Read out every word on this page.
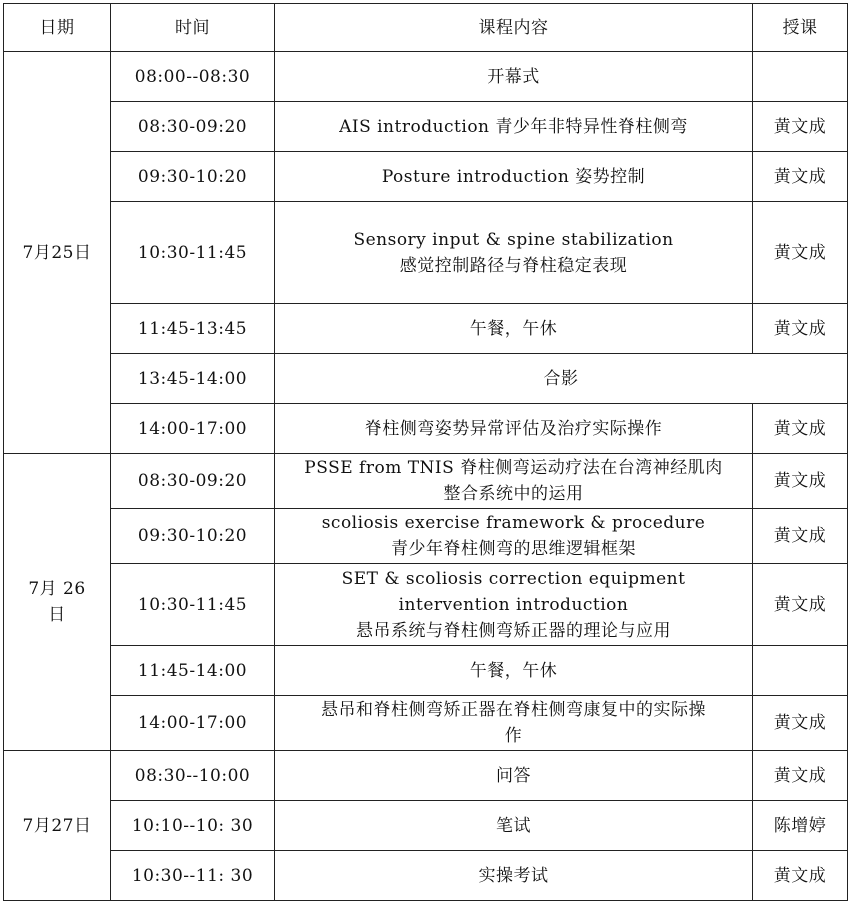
日期	时间	课程内容	授课
7月25日	08:00--08:30	开幕式	

	08:30-09:20	AIS introduction 青少年非特异性脊柱侧弯	黄文成
	09:30-10:20	Posture introduction 姿势控制	黄文成
	10:30-11:45	Sensory input & spine stabilization
感觉控制路径与脊柱稳定表现	黄文成
	11:45-13:45	午餐，午休	黄文成
	13:45-14:00	合影	

	14:00-17:00	脊柱侧弯姿势异常评估及治疗实际操作	黄文成
7月 26日	08:30-09:20	PSSE from TNIS 脊柱侧弯运动疗法在台湾神经肌肉
整合系统中的运用	黄文成
	09:30-10:20	scoliosis exercise framework & procedure
青少年脊柱侧弯的思维逻辑框架	黄文成
	10:30-11:45	SET & scoliosis correction equipment
intervention introduction
悬吊系统与脊柱侧弯矫正器的理论与应用	黄文成
	11:45-14:00	午餐，午休	

	14:00-17:00	悬吊和脊柱侧弯矫正器在脊柱侧弯康复中的实际操
作	黄文成
7月27日	08:30--10:00	问答	黄文成
	10:10--10: 30	笔试	陈增婷
	10:30--11: 30	实操考试	黄文成
